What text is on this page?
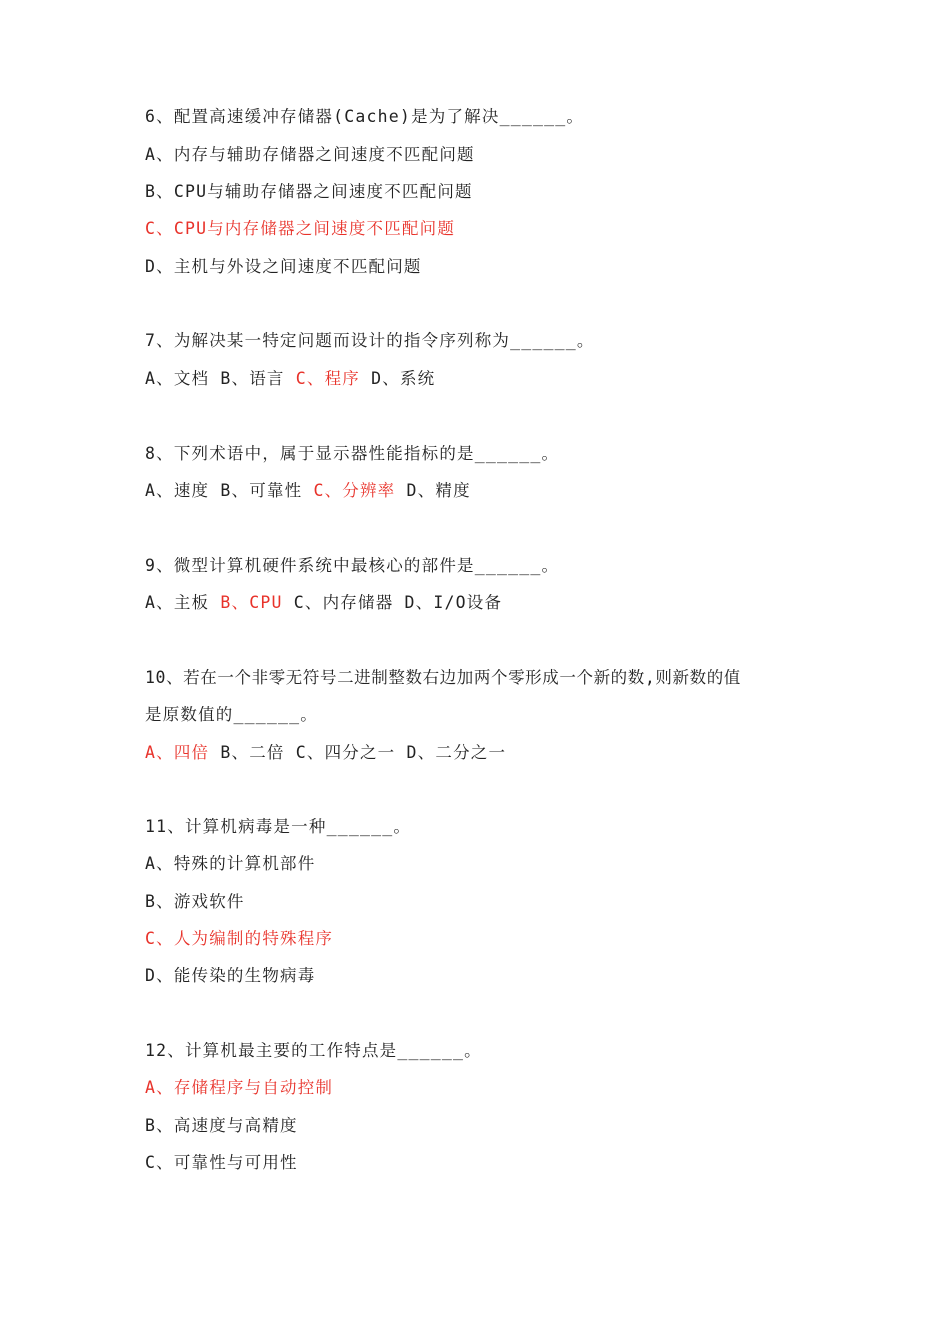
6、配置高速缓冲存储器(Cache)是为了解决______。
A、内存与辅助存储器之间速度不匹配问题
B、CPU与辅助存储器之间速度不匹配问题
C、CPU与内存储器之间速度不匹配问题
D、主机与外设之间速度不匹配问题
7、为解决某一特定问题而设计的指令序列称为______。
A、文档 B、语言 C、程序 D、系统
8、下列术语中，属于显示器性能指标的是______。
A、速度 B、可靠性 C、分辨率 D、精度
9、微型计算机硬件系统中最核心的部件是______。
A、主板 B、CPU C、内存储器 D、I/O设备
10、若在一个非零无符号二进制整数右边加两个零形成一个新的数,则新数的值
是原数值的______。
A、四倍 B、二倍 C、四分之一 D、二分之一
11、计算机病毒是一种______。
A、特殊的计算机部件
B、游戏软件
C、人为编制的特殊程序
D、能传染的生物病毒
12、计算机最主要的工作特点是______。
A、存储程序与自动控制
B、高速度与高精度
C、可靠性与可用性
